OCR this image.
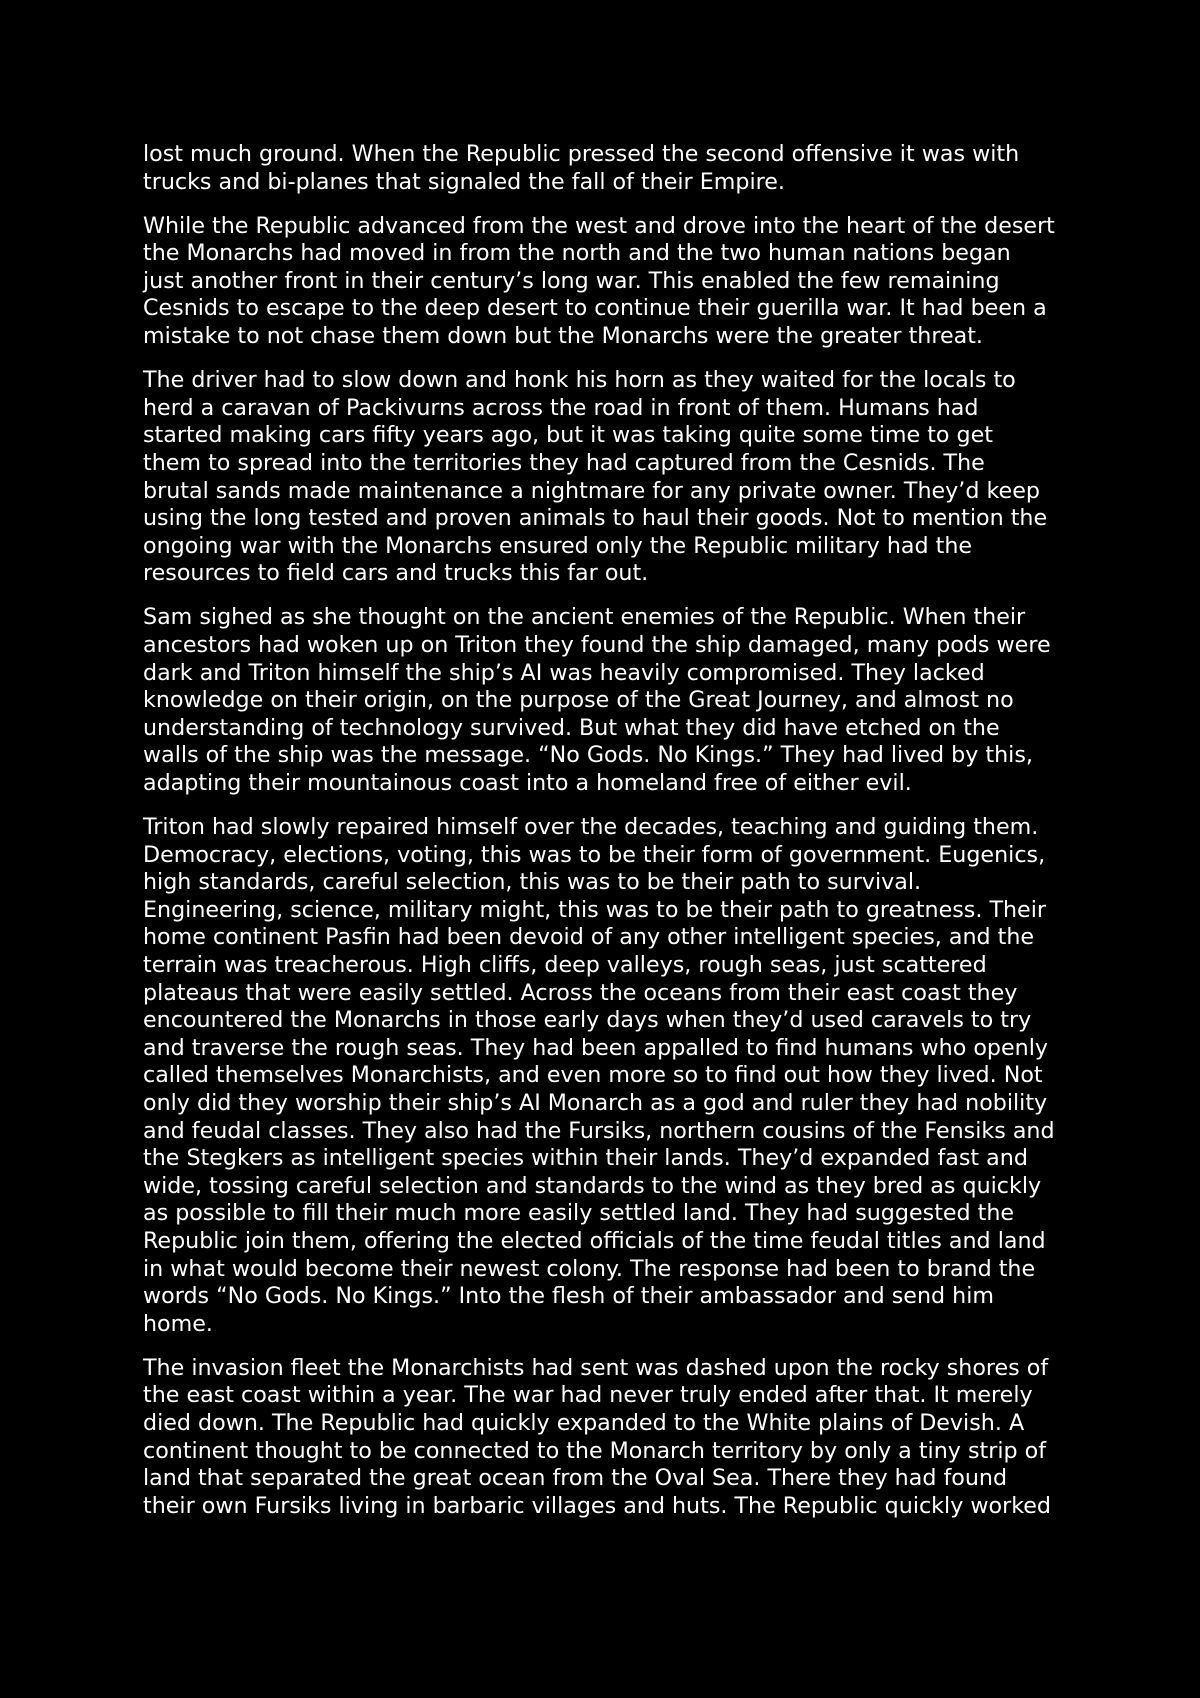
lost much ground. When the Republic pressed the second offensive it was with
trucks and bi-planes that signaled the fall of their Empire.

While the Republic advanced from the west and drove into the heart of the desert
the Monarchs had moved in from the north and the two human nations began
just another front in their century’s long war. This enabled the few remaining
Cesnids to escape to the deep desert to continue their guerilla war. It had been a
mistake to not chase them down but the Monarchs were the greater threat.

The driver had to slow down and honk his horn as they waited for the locals to
herd a caravan of Packivurns across the road in front of them. Humans had
started making cars fifty years ago, but it was taking quite some time to get
them to spread into the territories they had captured from the Cesnids. The
brutal sands made maintenance a nightmare for any private owner. They’d keep
using the long tested and proven animals to haul their goods. Not to mention the
ongoing war with the Monarchs ensured only the Republic military had the
resources to field cars and trucks this far out.

Sam sighed as she thought on the ancient enemies of the Republic. When their
ancestors had woken up on Triton they found the ship damaged, many pods were
dark and Triton himself the ship’s AI was heavily compromised. They lacked
knowledge on their origin, on the purpose of the Great Journey, and almost no
understanding of technology survived. But what they did have etched on the
walls of the ship was the message. “No Gods. No Kings.” They had lived by this,
adapting their mountainous coast into a homeland free of either evil.

Triton had slowly repaired himself over the decades, teaching and guiding them.
Democracy, elections, voting, this was to be their form of government. Eugenics,
high standards, careful selection, this was to be their path to survival.
Engineering, science, military might, this was to be their path to greatness. Their
home continent Pasfin had been devoid of any other intelligent species, and the
terrain was treacherous. High cliffs, deep valleys, rough seas, just scattered
plateaus that were easily settled. Across the oceans from their east coast they
encountered the Monarchs in those early days when they’d used caravels to try
and traverse the rough seas. They had been appalled to find humans who openly
called themselves Monarchists, and even more so to find out how they lived. Not
only did they worship their ship’s AI Monarch as a god and ruler they had nobility
and feudal classes. They also had the Fursiks, northern cousins of the Fensiks and
the Stegkers as intelligent species within their lands. They’d expanded fast and
wide, tossing careful selection and standards to the wind as they bred as quickly
as possible to fill their much more easily settled land. They had suggested the
Republic join them, offering the elected officials of the time feudal titles and land
in what would become their newest colony. The response had been to brand the
words “No Gods. No Kings.” Into the flesh of their ambassador and send him
home.

The invasion fleet the Monarchists had sent was dashed upon the rocky shores of
the east coast within a year. The war had never truly ended after that. It merely
died down. The Republic had quickly expanded to the White plains of Devish. A
continent thought to be connected to the Monarch territory by only a tiny strip of
land that separated the great ocean from the Oval Sea. There they had found
their own Fursiks living in barbaric villages and huts. The Republic quickly worked
